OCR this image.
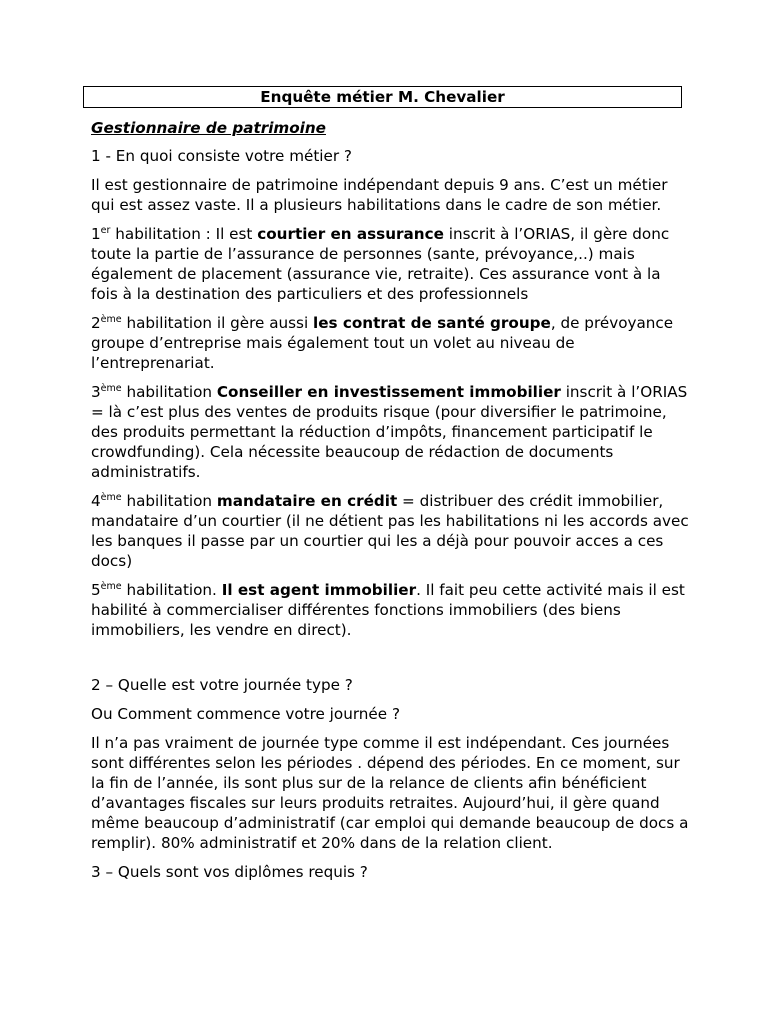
Enquête métier M. Chevalier

Gestionnaire de patrimoine

1 - En quoi consiste votre métier ?

Il est gestionnaire de patrimoine indépendant depuis 9 ans. C’est un métier qui est assez vaste. Il a plusieurs habilitations dans le cadre de son métier.

1er habilitation : Il est courtier en assurance inscrit à l’ORIAS, il gère donc toute la partie de l’assurance de personnes (sante, prévoyance,..) mais également de placement (assurance vie, retraite). Ces assurance vont à la fois à la destination des particuliers et des professionnels

2ème habilitation il gère aussi les contrat de santé groupe, de prévoyance groupe d’entreprise mais également tout un volet au niveau de l’entreprenariat.

3ème habilitation Conseiller en investissement immobilier inscrit à l’ORIAS = là c’est plus des ventes de produits risque (pour diversifier le patrimoine, des produits permettant la réduction d’impôts, financement participatif le crowdfunding). Cela nécessite beaucoup de rédaction de documents administratifs.

4ème habilitation mandataire en crédit = distribuer des crédit immobilier, mandataire d’un courtier (il ne détient pas les habilitations ni les accords avec les banques il passe par un courtier qui les a déjà pour pouvoir acces a ces docs)

5ème habilitation. Il est agent immobilier. Il fait peu cette activité mais il est habilité à commercialiser différentes fonctions immobiliers (des biens immobiliers, les vendre en direct).

2 – Quelle est votre journée type ?

Ou Comment commence votre journée ?

Il n’a pas vraiment de journée type comme il est indépendant. Ces journées sont différentes selon les périodes . dépend des périodes. En ce moment, sur la fin de l’année, ils sont plus sur de la relance de clients afin bénéficient d’avantages fiscales sur leurs produits retraites. Aujourd’hui, il gère quand même beaucoup d’administratif (car emploi qui demande beaucoup de docs a remplir). 80% administratif et 20% dans de la relation client.

3 – Quels sont vos diplômes requis ?
